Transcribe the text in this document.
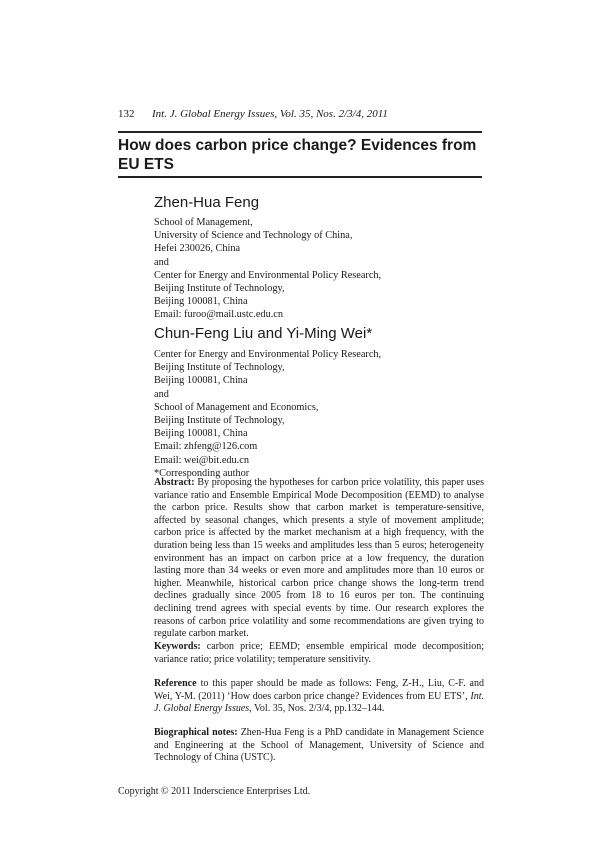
132 Int. J. Global Energy Issues, Vol. 35, Nos. 2/3/4, 2011
How does carbon price change? Evidences from EU ETS
Zhen-Hua Feng
School of Management,
University of Science and Technology of China,
Hefei 230026, China
and
Center for Energy and Environmental Policy Research,
Beijing Institute of Technology,
Beijing 100081, China
Email: furoo@mail.ustc.edu.cn
Chun-Feng Liu and Yi-Ming Wei*
Center for Energy and Environmental Policy Research,
Beijing Institute of Technology,
Beijing 100081, China
and
School of Management and Economics,
Beijing Institute of Technology,
Beijing 100081, China
Email: zhfeng@126.com
Email: wei@bit.edu.cn
*Corresponding author

Abstract: By proposing the hypotheses for carbon price volatility, this paper uses variance ratio and Ensemble Empirical Mode Decomposition (EEMD) to analyse the carbon price. Results show that carbon market is temperature-sensitive, affected by seasonal changes, which presents a style of movement amplitude; carbon price is affected by the market mechanism at a high frequency, with the duration being less than 15 weeks and amplitudes less than 5 euros; heterogeneity environment has an impact on carbon price at a low frequency, the duration lasting more than 34 weeks or even more and amplitudes more than 10 euros or higher. Meanwhile, historical carbon price change shows the long-term trend declines gradually since 2005 from 18 to 16 euros per ton. The continuing declining trend agrees with special events by time. Our research explores the reasons of carbon price volatility and some recommendations are given trying to regulate carbon market.

Keywords: carbon price; EEMD; ensemble empirical mode decomposition; variance ratio; price volatility; temperature sensitivity.

Reference to this paper should be made as follows: Feng, Z-H., Liu, C-F. and Wei, Y-M. (2011) ‘How does carbon price change? Evidences from EU ETS’, Int. J. Global Energy Issues, Vol. 35, Nos. 2/3/4, pp.132–144.

Biographical notes: Zhen-Hua Feng is a PhD candidate in Management Science and Engineering at the School of Management, University of Science and Technology of China (USTC).

Copyright © 2011 Inderscience Enterprises Ltd.
